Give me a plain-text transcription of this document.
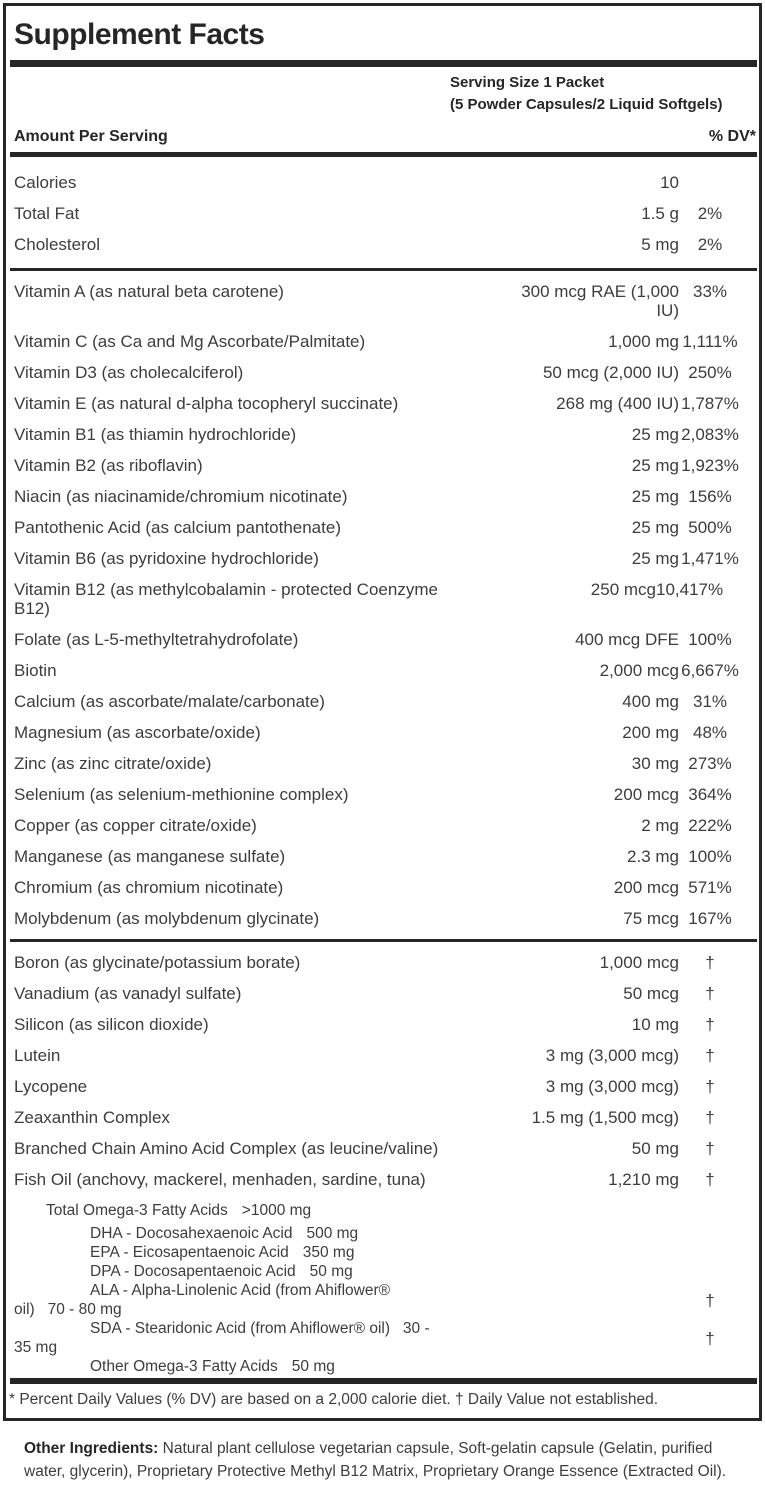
Supplement Facts
Serving Size 1 Packet
(5 Powder Capsules/2 Liquid Softgels)
Amount Per Serving	% DV*
Calories	10
Total Fat	1.5 g 2%
Cholesterol	5 mg 2%
Vitamin A (as natural beta carotene)	300 mcg RAE (1,000 IU)
33%
Vitamin C (as Ca and Mg Ascorbate/Palmitate)	1,000 mg 1,111%
Vitamin D3 (as cholecalciferol)	50 mcg (2,000 IU) 250%
Vitamin E (as natural d-alpha tocopheryl succinate)	268 mg (400 IU) 1,787%
Vitamin B1 (as thiamin hydrochloride)	25 mg 2,083%
Vitamin B2 (as riboflavin)	25 mg 1,923%
Niacin (as niacinamide/chromium nicotinate)	25 mg 156%
Pantothenic Acid (as calcium pantothenate)	25 mg 500%
Vitamin B6 (as pyridoxine hydrochloride)	25 mg 1,471%
Vitamin B12 (as methylcobalamin - protected Coenzyme B12)
250 mcg 10,417%
Folate (as L-5-methyltetrahydrofolate)	400 mcg DFE 100%
Biotin	2,000 mcg 6,667%
Calcium (as ascorbate/malate/carbonate)	400 mg 31%
Magnesium (as ascorbate/oxide)	200 mg 48%
Zinc (as zinc citrate/oxide)	30 mg 273%
Selenium (as selenium-methionine complex)	200 mcg 364%
Copper (as copper citrate/oxide)	2 mg 222%
Manganese (as manganese sulfate)	2.3 mg 100%
Chromium (as chromium nicotinate)	200 mcg 571%
Molybdenum (as molybdenum glycinate)	75 mcg 167%
Boron (as glycinate/potassium borate)	1,000 mcg †
Vanadium (as vanadyl sulfate)	50 mcg †
Silicon (as silicon dioxide)	10 mg †
Lutein	3 mg (3,000 mcg) †
Lycopene	3 mg (3,000 mcg) †
Zeaxanthin Complex	1.5 mg (1,500 mcg) †
Branched Chain Amino Acid Complex (as leucine/valine)	50 mg †
Fish Oil (anchovy, mackerel, menhaden, sardine, tuna)	1,210 mg †
Total Omega-3 Fatty Acids >1000 mg
DHA - Docosahexaenoic Acid 500 mg
EPA - Eicosapentaenoic Acid 350 mg
DPA - Docosapentaenoic Acid 50 mg
ALA - Alpha-Linolenic Acid (from Ahiflower®
oil)   70 - 80 mg	†
SDA - Stearidonic Acid (from Ahiflower® oil)   30 -
35 mg	†
Other Omega-3 Fatty Acids 50 mg
* Percent Daily Values (% DV) are based on a 2,000 calorie diet. † Daily Value not established.
Other Ingredients: Natural plant cellulose vegetarian capsule, Soft-gelatin capsule (Gelatin, purified water, glycerin), Proprietary Protective Methyl B12 Matrix, Proprietary Orange Essence (Extracted Oil).
